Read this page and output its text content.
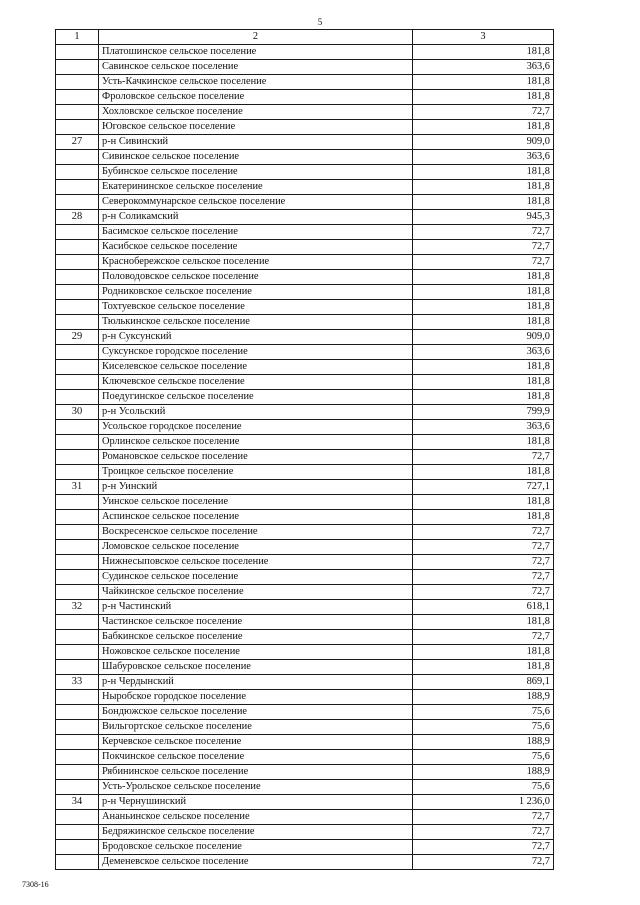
5
1	2	3
	Платошинское сельское поселение	181,8
	Савинское сельское поселение	363,6
	Усть-Качкинское сельское поселение	181,8
	Фроловское сельское поселение	181,8
	Хохловское сельское поселение	72,7
	Юговское сельское поселение	181,8
27	р-н Сивинский	909,0
	Сивинское сельское поселение	363,6
	Бубинское сельское поселение	181,8
	Екатерининское сельское поселение	181,8
	Северокоммунарское сельское поселение	181,8
28	р-н Соликамский	945,3
	Басимское сельское поселение	72,7
	Касибское сельское поселение	72,7
	Краснобережское сельское поселение	72,7
	Половодовское сельское поселение	181,8
	Родниковское сельское поселение	181,8
	Тохтуевское сельское поселение	181,8
	Тюлькинское сельское поселение	181,8
29	р-н Сукс​унский	909,0
	Суксунское городское поселение	363,6
	Киселевское сельское поселение	181,8
	Ключевское сельское поселение	181,8
	Поедугинское сельское поселение	181,8
30	р-н Усольский	799,9
	Усольское городское поселение	363,6
	Орлинское сельское поселение	181,8
	Романовское сельское поселение	72,7
	Троицкое сельское поселение	181,8
31	р-н Уинский	727,1
	Уинское сельское поселение	181,8
	Аспинское сельское поселение	181,8
	Воскресенское сельское поселение	72,7
	Ломовское сельское поселение	72,7
	Нижнесыповское сельское поселение	72,7
	Судинское сельское поселение	72,7
	Чайкинское сельское поселение	72,7
32	р-н Частинский	618,1
	Частинское сельское поселение	181,8
	Бабкинское сельское поселение	72,7
	Ножовское сельское поселение	181,8
	Шабуровское сельское поселение	181,8
33	р-н Чердынский	869,1
	Ныробское городское поселение	188,9
	Бондюжское сельское поселение	75,6
	Вильгортское сельское поселение	75,6
	Керчевское сельское поселение	188,9
	Покчинское сельское поселение	75,6
	Рябининское сельское поселение	188,9
	Усть-Урольское сельское поселение	75,6
34	р-н Чернушинский	1 236,0
	Ананьинское сельское поселение	72,7
	Бедряжинское сельское поселение	72,7
	Бродовское сельское поселение	72,7
	Деменевское сельское поселение	72,7
7308-16
